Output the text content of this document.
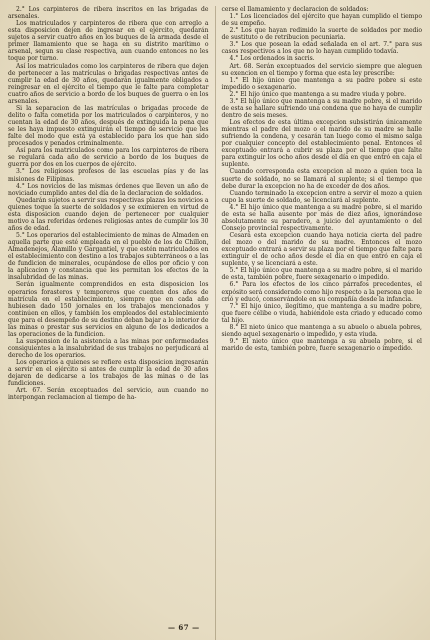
2.° Los carpinteros de ribera inscritos en las brigadas de arsenales.

Los matriculados y carpinteros de ribera que con arreglo a esta disposicion dejen de ingresar en el ejército, quedarán sujetos a servir cuatro años en los buques de la armada desde el primer llamamiento que se haga en su distrito marítimo o arsenal, segun su clase respectiva, aun cuando entonces no les toque por turno.

Así los matriculados como los carpinteros de ribera que dejen de pertenecer a las matrículas o brigadas respectivas antes de cumplir la edad de 30 años, quedarán igualmente obligados a reingresar en el ejército el tiempo que le falte para completar cuatro años de servicio a bordo de los buques de guerra o en los arsenales.

Si la separacion de las matrículas o brigadas procede de delito o falta cometida por los matriculados o carpinteros, y no cuentan la edad de 30 años, después de extinguida la pena que se les haya impuesto extinguirán el tiempo de servicio que les falte del modo que está ya establecido para los que han sido procesados y penados criminalmente.

Así para los matriculados como para los carpinteros de ribera se regulará cada año de servicio a bordo de los buques de guerra por dos en los cuerpos de ejército.

3.° Los religiosos profesos de las escuelas pías y de las misiones de Filipinas.

4.° Los novicios de las mismas órdenes que lleven un año de noviciado cumplido antes del día de la declaracion de soldados.

Quedarán sujetos a servir sus respectivas plazas los novicios a quienes toque la suerte de soldados y se eximieren en virtud de esta disposicion cuando dejen de pertenecer por cualquier motivo a las referidas órdenes religiosas antes de cumplir los 30 años de edad.

5.° Los operarios del establecimiento de minas de Almaden en aquella parte que esté empleada en el pueblo de los de Chillon, Almadenejos, Alamillo y Gargantiel, y que estén matriculados en el establecimiento con destino a los trabajos subterráneos o a las de fundicion de minerales, ocupándose de ellos por oficio y con la aplicacion y constancia que les permitan los efectos de la insalubridad de las minas.

Serán igualmente comprendidos en esta disposicion los operarios forasteros y temporeros que cuenten dos años de matrícula en el establecimiento, siempre que en cada año hubiesen dado 150 jornales en los trabajos mencionados y continúen en ellos, y también los empleados del establecimiento que para el desempeño de su destino deban bajar a lo interior de las minas o prestar sus servicios en alguno de los dedicados a las operaciones de la fundicion.

La suspension de la asistencia a las minas por enfermedades consiguientes a la insalubridad de sus trabajos no perjudicará al derecho de los operarios.

Los operarios a quienes se refiere esta disposicion ingresarán a servir en el ejército si antes de cumplir la edad de 30 años dejaren de dedicarse a los trabajos de las minas o de las fundiciones.

Art. 67. Serán exceptuados del servicio, aun cuando no interpongan reclamacion al tiempo de ha-

cerse el llamamiento y declaracion de soldados:

1.° Los licenciados del ejército que hayan cumplido el tiempo de su empeño.

2.° Los que hayan redimido la suerte de soldados por medio de sustituto o de retribucion pecuniaria.

3.° Los que posean la edad señalada en el art. 7.° para sus casos respectivos a los que no lo hayan cumplido todavía.

4.° Los ordenados in sacris.

Art. 68. Serán exceptuados del servicio siempre que aleguen su exencion en el tiempo y forma que esta ley prescribe:

1.° El hijo único que mantenga a su padre pobre si este impedido o sexagenario.

2.° El hijo único que mantenga a su madre viuda y pobre.

3.° El hijo único que mantenga a su madre pobre, si el marido de esta se hallare sufriendo una condena que no haya de cumplir dentro de seis meses.

Los efectos de esta última excepcion subsistirán únicamente mientras el padre del mozo o el marido de su madre se halle sufriendo la condena, y cesarán tan luego como el mismo salga por cualquier concepto del establecimiento penal. Entonces el exceptuado entrará a cubrir su plaza por el tiempo que falte para extinguir los ocho años desde el día en que entró en caja el suplente.

Cuando corresponda esta excepcion al mozo a quien toca la suerte de soldado, no se llamará al suplente; si el tiempo que debe durar la excepcion no ha de exceder de dos años.

Cuando terminado la excepcion entre a servir el mozo a quien cupo la suerte de soldado, se licenciará al suplente.

4.° El hijo único que mantenga a su madre pobre, si el marido de esta se halla ausente por más de diez años, ignorándose absolutamente su paradero, a juicio del ayuntamiento o del Consejo provincial respectivamente.

Cesará esta excepcion cuando haya noticia cierta del padre del mozo o del marido de su madre. Entonces el mozo exceptuado entrará a servir su plaza por el tiempo que falte para extinguir el de ocho años desde el día en que entró en caja el suplente, y se licenciará a este.

5.° El hijo único que mantenga a su madre pobre, si el marido de esta, también pobre, fuere sexagenario o impedido.

6.° Para los efectos de los cinco párrafos precedentes, el expósito será considerado como hijo respecto a la persona que le crió y educó, conservándole en su compañía desde la infancia.

7.° El hijo único, ilegítimo, que mantenga a su madre pobre, que fuere célibe o viuda, habiéndole esta criado y educado como tal hijo.

8.° El nieto único que mantenga a su abuelo o abuela pobres, siendo aquel sexagenario o impedido, y esta viuda.

9.° El nieto único que mantenga a su abuela pobre, si el marido de esta, también pobre, fuere sexagenario o impedido.

— 67 —
